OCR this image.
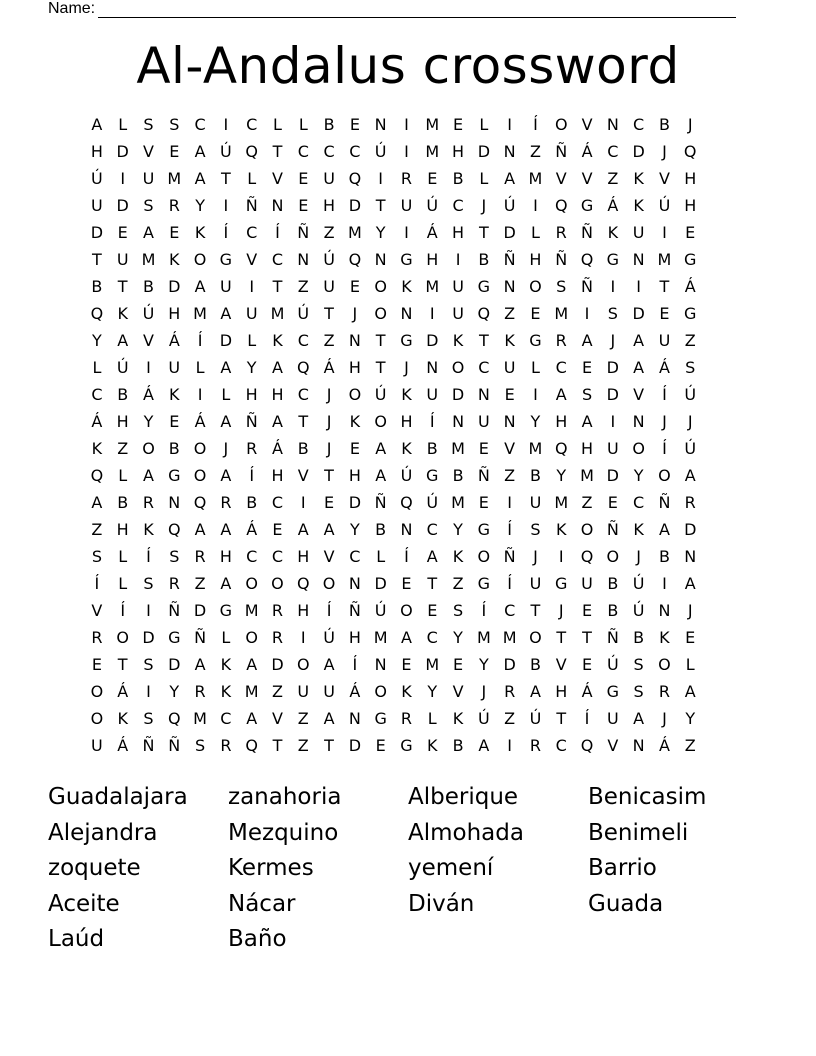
Name:
Al-Andalus crossword
A L	S S C	I	C L	L B E N	I	M E	L	I	Í	O V N C B	J
H D V E A Ú Q T C C C Ú	I	M H D N Z Ñ Á C D	J	Q
Ú	I	U M A T	L V E U Q	I	R E B L A M V V Z K V H
U D S R Y	I	Ñ N E H D T U Ú C	J	Ú	I	Q G Á K Ú H
D E A E K	Í	C	Í	Ñ Z M Y	I	Á H T D L R Ñ K U	I	E
T U M K O G V C N Ú Q N G H	I	B Ñ H Ñ Q G N M G
B T B D A U	I	T Z U E O K M U G N O S Ñ	I	I	T Á
Q K Ú H M A U M Ú T	J	O N	I	U Q Z E M	I	S D E G
Y A V Á	Í	D L	K C Z N T G D K T K G R A	J	A U Z
L Ú	I	U L A Y A Q Á H T	J	N O C U L C E D A Á S
C B Á K	I	L H H C	J	O Ú K U D N E	I	A S D V	Í	Ú
Á H Y E Á A Ñ A T	J	K O H	Í	N U N Y H A	I	N	J	J
K Z O B O	J	R Á B	J	E A K B M E V M Q H U O	Í	Ú
Q L A G O A	Í	H V T H A Ú G B Ñ Z B Y M D Y O A
A B R N Q R B C	I	E D Ñ Q Ú M E	I	U M Z E C Ñ R
Z H K Q A A Á E A A Y B N C Y G	Í	S K O Ñ K A D
S	L	Í	S R H C C H V C L	Í	A K O Ñ	J	I	Q O	J	B N
Í	L	S R Z A O O Q O N D E T Z G	Í	U G U B Ú	I	A
V	Í	I	Ñ D G M R H	Í	Ñ Ú O E S	Í	C T	J	E B Ú N	J
R O D G Ñ L O R	I	Ú H M A C Y M M O T	T Ñ B K E
E T S D A K A D O A	Í	N E M E Y D B V E Ú S O L
O Á	I	Y R K M Z U U Á O K Y V	J	R A H Á G S R A
O K S Q M C A V Z A N G R L	K Ú Z Ú T	Í	U A	J	Y
U Á Ñ Ñ S R Q T Z T D E G K B A	I	R C Q V N Á Z
Guadalajara	zanahoria	Alberique	Benicasim
Alejandra	Mezquino	Almohada	Benimeli
zoquete	Kermes	yemení	Barrio
Aceite	Nácar	Diván	Guada
Laúd	Baño
